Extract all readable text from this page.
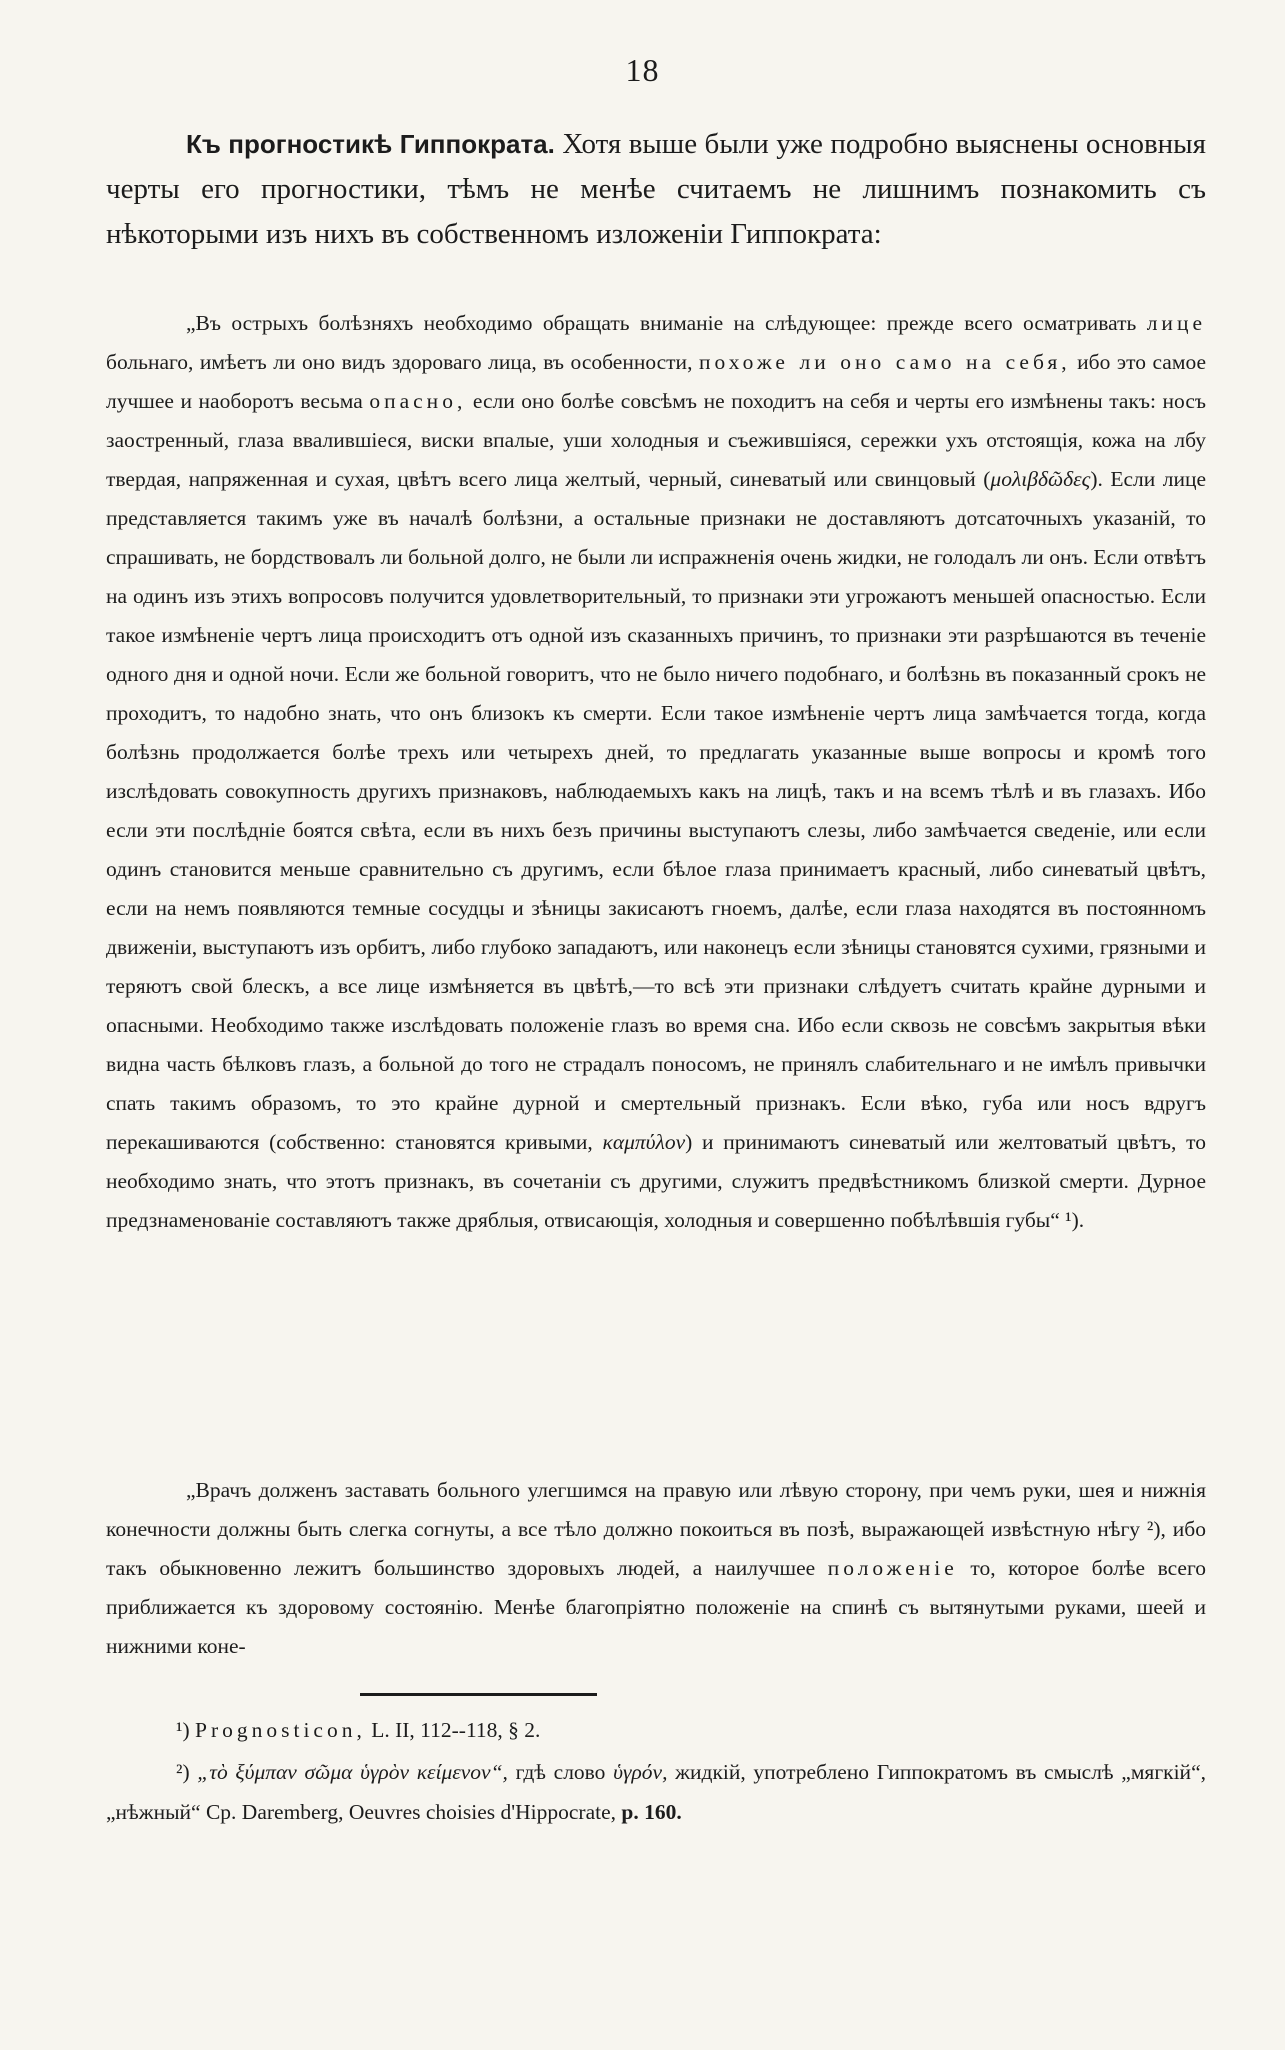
18

Къ прогностикѣ Гиппократа. Хотя выше были уже подробно выяснены основныя черты его прогностики, тѣмъ не менѣе считаемъ не лишнимъ познакомить съ нѣкоторыми изъ нихъ въ собственномъ изложеніи Гиппократа:

„Въ острыхъ болѣзняхъ необходимо обращать вниманіе на слѣдующее: прежде всего осматривать лице больнаго, имѣетъ ли оно видъ здороваго лица, въ особенности, похоже ли оно само на себя, ибо это самое лучшее и наоборотъ весьма опасно, если оно болѣе совсѣмъ не походитъ на себя и черты его измѣнены такъ: носъ заостренный, глаза ввалившіеся, виски впалые, уши холодныя и съежившіяся, сережки ухъ отстоящія, кожа на лбу твердая, напряженная и сухая, цвѣтъ всего лица желтый, черный, синеватый или свинцовый (μολιβδῶδες). Если лице представляется такимъ уже въ началѣ болѣзни, а остальные признаки не доставляютъ дотсаточныхъ указаній, то спрашивать, не бордствовалъ ли больной долго, не были ли испражненія очень жидки, не голодалъ ли онъ. Если отвѣтъ на одинъ изъ этихъ вопросовъ получится удовлетворительный, то признаки эти угрожаютъ меньшей опасностью. Если такое измѣненіе чертъ лица происходитъ отъ одной изъ сказанныхъ причинъ, то признаки эти разрѣшаются въ теченіе одного дня и одной ночи. Если же больной говоритъ, что не было ничего подобнаго, и болѣзнь въ показанный срокъ не проходитъ, то надобно знать, что онъ близокъ къ смерти. Если такое измѣненіе чертъ лица замѣчается тогда, когда болѣзнь продолжается болѣе трехъ или четырехъ дней, то предлагать указанные выше вопросы и кромѣ того изслѣдовать совокупность другихъ признаковъ, наблюдаемыхъ какъ на лицѣ, такъ и на всемъ тѣлѣ и въ глазахъ. Ибо если эти послѣдніе боятся свѣта, если въ нихъ безъ причины выступаютъ слезы, либо замѣчается сведеніе, или если одинъ становится меньше сравнительно съ другимъ, если бѣлое глаза принимаетъ красный, либо синеватый цвѣтъ, если на немъ появляются темные сосудцы и зѣницы закисаютъ гноемъ, далѣе, если глаза находятся въ постоянномъ движеніи, выступаютъ изъ орбитъ, либо глубоко западаютъ, или наконецъ если зѣницы становятся сухими, грязными и теряютъ свой блескъ, а все лице измѣняется въ цвѣтѣ,—то всѣ эти признаки слѣдуетъ считать крайне дурными и опасными. Необходимо также изслѣдовать положеніе глазъ во время сна. Ибо если сквозь не совсѣмъ закрытыя вѣки видна часть бѣлковъ глазъ, а больной до того не страдалъ поносомъ, не принялъ слабительнаго и не имѣлъ привычки спать такимъ образомъ, то это крайне дурной и смертельный признакъ. Если вѣко, губа или носъ вдругъ перекашиваются (собственно: становятся кривыми, καμπύλον) и принимаютъ синеватый или желтоватый цвѣтъ, то необходимо знать, что этотъ признакъ, въ сочетаніи съ другими, служитъ предвѣстникомъ близкой смерти. Дурное предзнаменованіе составляютъ также дряблыя, отвисающія, холодныя и совершенно побѣлѣвшія губы“ ¹).

„Врачъ долженъ заставать больного улегшимся на правую или лѣвую сторону, при чемъ руки, шея и нижнія конечности должны быть слегка согнуты, а все тѣло должно покоиться въ позѣ, выражающей извѣстную нѣгу ²), ибо такъ обыкновенно лежитъ большинство здоровыхъ людей, а наилучшее положеніе то, которое болѣе всего приближается къ здоровому состоянію. Менѣе благопріятно положеніе на спинѣ съ вытянутыми руками, шеей и нижними коне-

¹) Prognosticon, L. II, 112--118, § 2.

²) „τὸ ξύμπαν σῶμα ὑγρὸν κείμενον“, гдѣ слово ὑγρόν, жидкій, употреблено Гиппократомъ въ смыслѣ „мягкій“, „нѣжный“ Ср. Daremberg, Oeuvres choisies d'Hippocrate, р. 160.
